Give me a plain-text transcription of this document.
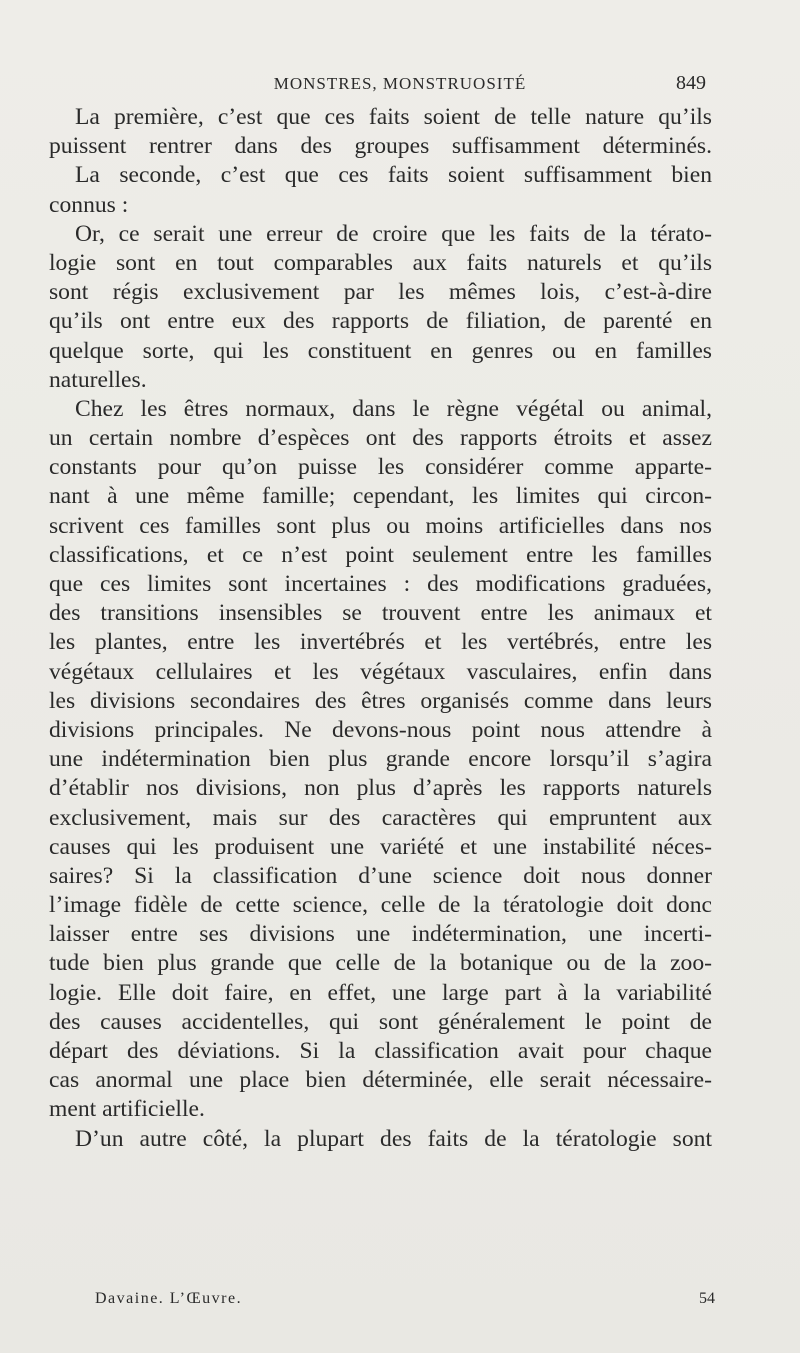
MONSTRES, MONSTRUOSITÉ	849
La première, c’est que ces faits soient de telle nature qu’ils
puissent rentrer dans des groupes suffisamment déterminés.
La seconde, c’est que ces faits soient suffisamment bien
connus :
Or, ce serait une erreur de croire que les faits de la térato-
logie sont en tout comparables aux faits naturels et qu’ils
sont régis exclusivement par les mêmes lois, c’est-à-dire
qu’ils ont entre eux des rapports de filiation, de parenté en
quelque sorte, qui les constituent en genres ou en familles
naturelles.
Chez les êtres normaux, dans le règne végétal ou animal,
un certain nombre d’espèces ont des rapports étroits et assez
constants pour qu’on puisse les considérer comme apparte-
nant à une même famille; cependant, les limites qui circon-
scrivent ces familles sont plus ou moins artificielles dans nos
classifications, et ce n’est point seulement entre les familles
que ces limites sont incertaines : des modifications graduées,
des transitions insensibles se trouvent entre les animaux et
les plantes, entre les invertébrés et les vertébrés, entre les
végétaux cellulaires et les végétaux vasculaires, enfin dans
les divisions secondaires des êtres organisés comme dans leurs
divisions principales. Ne devons-nous point nous attendre à
une indétermination bien plus grande encore lorsqu’il s’agira
d’établir nos divisions, non plus d’après les rapports naturels
exclusivement, mais sur des caractères qui empruntent aux
causes qui les produisent une variété et une instabilité néces-
saires? Si la classification d’une science doit nous donner
l’image fidèle de cette science, celle de la tératologie doit donc
laisser entre ses divisions une indétermination, une incerti-
tude bien plus grande que celle de la botanique ou de la zoo-
logie. Elle doit faire, en effet, une large part à la variabilité
des causes accidentelles, qui sont généralement le point de
départ des déviations. Si la classification avait pour chaque
cas anormal une place bien déterminée, elle serait nécessaire-
ment artificielle.
D’un autre côté, la plupart des faits de la tératologie sont
Davaine. L’Œuvre.	54
